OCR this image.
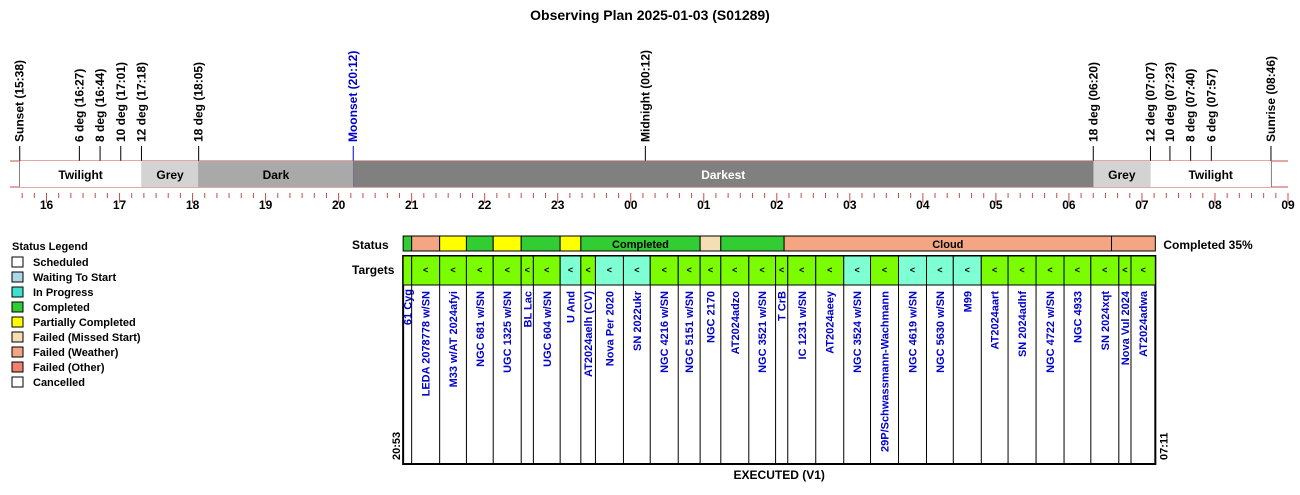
Observing Plan 2025-01-03 (S01289)
Sunset (15:38)	6 deg (16:27) 8 deg (16:44) 10 deg (17:01) 12 deg (17:18)	18 deg (18:05)	Moonset (20:12)	Midnight (00:12)	18 deg (06:20)	12 deg (07:07) 10 deg (07:23) 8 deg (07:40) 6 deg (07:57)	Sunrise (08:46)
Twilight	Grey	Dark	Darkest	Grey	Twilight
16	17	18	19	20	21	22	23	00	01	02	03	04	05	06	07	08	09
Status Legend
Scheduled
Waiting To Start
In Progress
Completed
Partially Completed
Failed (Missed Start)
Failed (Weather)
Failed (Other)
Cancelled
Status	Completed	Cloud	Completed 35%
Targets
61 Cyg
<
LEDA 2078778 w/SN
<
M33 w/AT 2024afyi
<
NGC 681 w/SN
<
UGC 1325 w/SN
<
BL Lac
<
UGC 604 w/SN
<
U And
<
AT2024aelh (CV)
<
Nova Per 2020
<
SN 2022ukr
<
NGC 4216 w/SN
<
NGC 5151 w/SN
<
NGC 2170
<
AT2024adzo
<
NGC 3521 w/SN
<
T CrB
<
IC 1231 w/SN
<
AT2024aeey
<
NGC 3524 w/SN
<
29P/Schwassmann-Wachmann
<
NGC 4619 w/SN
<
NGC 5630 w/SN
<
M99
<
AT2024aart
<
SN 2024adhf
<
NGC 4722 w/SN
<
NGC 4933
<
SN 2024xqt
<
Nova Vul 2024
<
AT2024adwa
20:53	07:11
EXECUTED (V1)
